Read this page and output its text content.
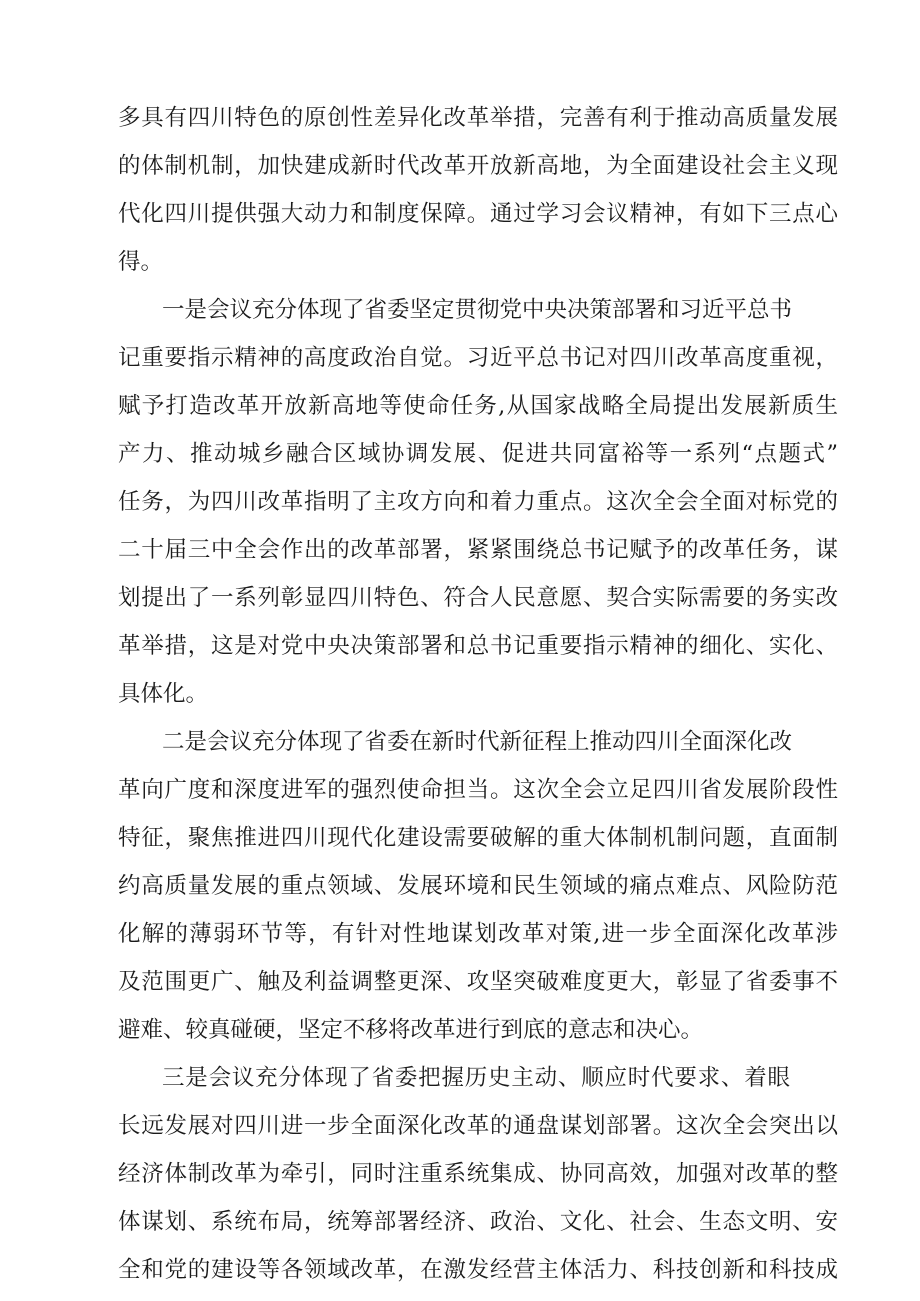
多具有四川特色的原创性差异化改革举措，完善有利于推动高质量发展
的体制机制，加快建成新时代改革开放新高地，为全面建设社会主义现
代化四川提供强大动力和制度保障。通过学习会议精神，有如下三点心
得。
一是会议充分体现了省委坚定贯彻党中央决策部署和习近平总书
记重要指示精神的高度政治自觉。习近平总书记对四川改革高度重视，
赋予打造改革开放新高地等使命任务,从国家战略全局提出发展新质生
产力、推动城乡融合区域协调发展、促进共同富裕等一系列“点题式”
任务，为四川改革指明了主攻方向和着力重点。这次全会全面对标党的
二十届三中全会作出的改革部署，紧紧围绕总书记赋予的改革任务，谋
划提出了一系列彰显四川特色、符合人民意愿、契合实际需要的务实改
革举措，这是对党中央决策部署和总书记重要指示精神的细化、实化、
具体化。
二是会议充分体现了省委在新时代新征程上推动四川全面深化改
革向广度和深度进军的强烈使命担当。这次全会立足四川省发展阶段性
特征，聚焦推进四川现代化建设需要破解的重大体制机制问题，直面制
约高质量发展的重点领域、发展环境和民生领域的痛点难点、风险防范
化解的薄弱环节等，有针对性地谋划改革对策,进一步全面深化改革涉
及范围更广、触及利益调整更深、攻坚突破难度更大，彰显了省委事不
避难、较真碰硬，坚定不移将改革进行到底的意志和决心。
三是会议充分体现了省委把握历史主动、顺应时代要求、着眼
长远发展对四川进一步全面深化改革的通盘谋划部署。这次全会突出以
经济体制改革为牵引，同时注重系统集成、协同高效，加强对改革的整
体谋划、系统布局，统筹部署经济、政治、文化、社会、生态文明、安
全和党的建设等各领域改革，在激发经营主体活力、科技创新和科技成
